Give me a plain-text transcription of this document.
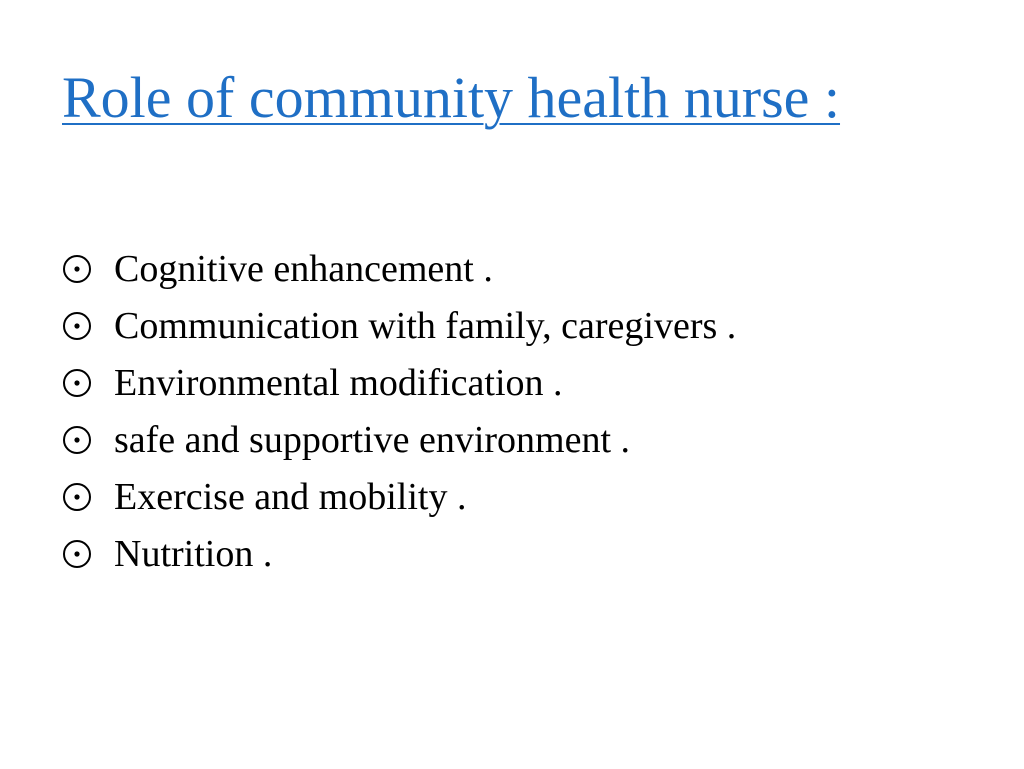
Role of community health nurse :
Cognitive enhancement .
Communication with family, caregivers .
Environmental modification .
safe and supportive environment .
Exercise and mobility .
Nutrition .
